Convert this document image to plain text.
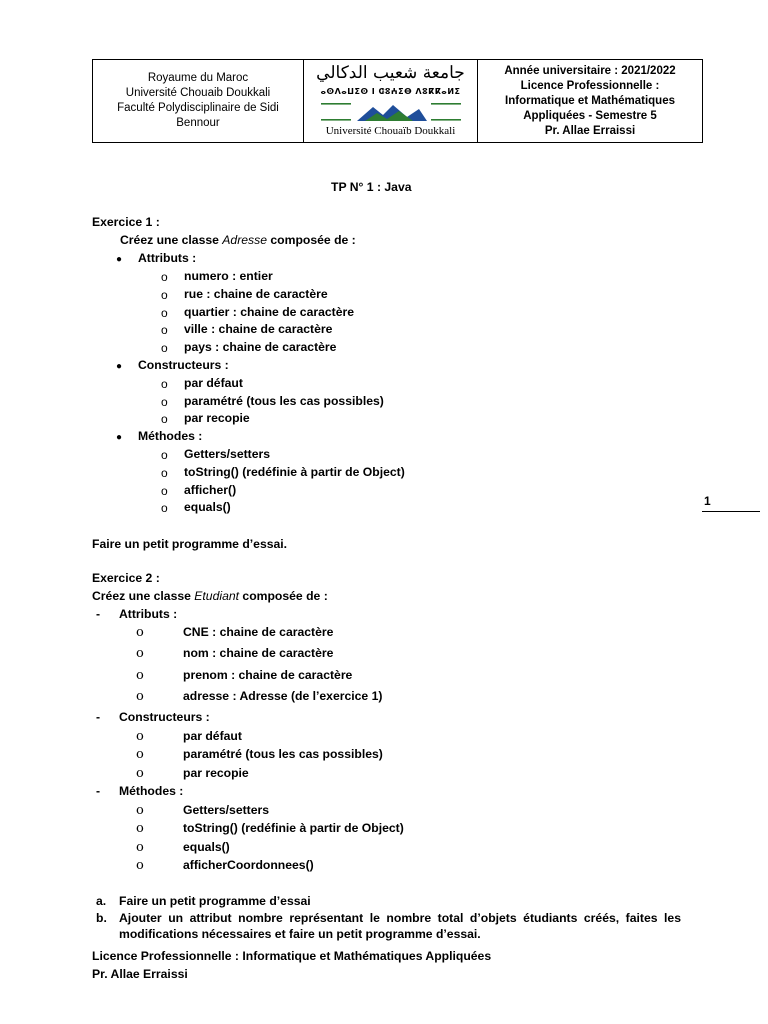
Royaume du Maroc
Université Chouaib Doukkali
Faculté Polydisciplinaire de Sidi
Bennour
جامعة شعيب الدكالي
ⴰⵙⴷⴰⵡⵉⵙ ⵏ ⵛⵓⵄⵉⴱ ⴷⵓⴽⴽⴰⵍⵉ
Université Chouaïb Doukkali
Année universitaire : 2021/2022
Licence Professionnelle :
Informatique et Mathématiques
Appliquées - Semestre 5
Pr. Allae Erraissi
TP N° 1 : Java
Exercice 1 :
Créez une classe Adresse composée de :
● Attributs :
o numero : entier
o rue : chaine de caractère
o quartier : chaine de caractère
o ville : chaine de caractère
o pays : chaine de caractère
● Constructeurs :
o par défaut
o paramétré (tous les cas possibles)
o par recopie
● Méthodes :
o Getters/setters
o toString() (redéfinie à partir de Object)
o afficher()
o equals()	1
Faire un petit programme d’essai.
Exercice 2 :
Créez une classe Etudiant composée de :
- Attributs :
ο	CNE : chaine de caractère
ο	nom : chaine de caractère
ο	prenom : chaine de caractère
ο	adresse : Adresse (de l’exercice 1)
- Constructeurs :
ο	par défaut
ο	paramétré (tous les cas possibles)
ο	par recopie
- Méthodes :
ο	Getters/setters
ο	toString() (redéfinie à partir de Object)
ο	equals()
ο	afficherCoordonnees()
a. Faire un petit programme d’essai
b. Ajouter un attribut nombre représentant le nombre total d’objets étudiants créés, faites les modifications nécessaires et faire un petit programme d’essai.
Licence Professionnelle : Informatique et Mathématiques Appliquées
Pr. Allae Erraissi
